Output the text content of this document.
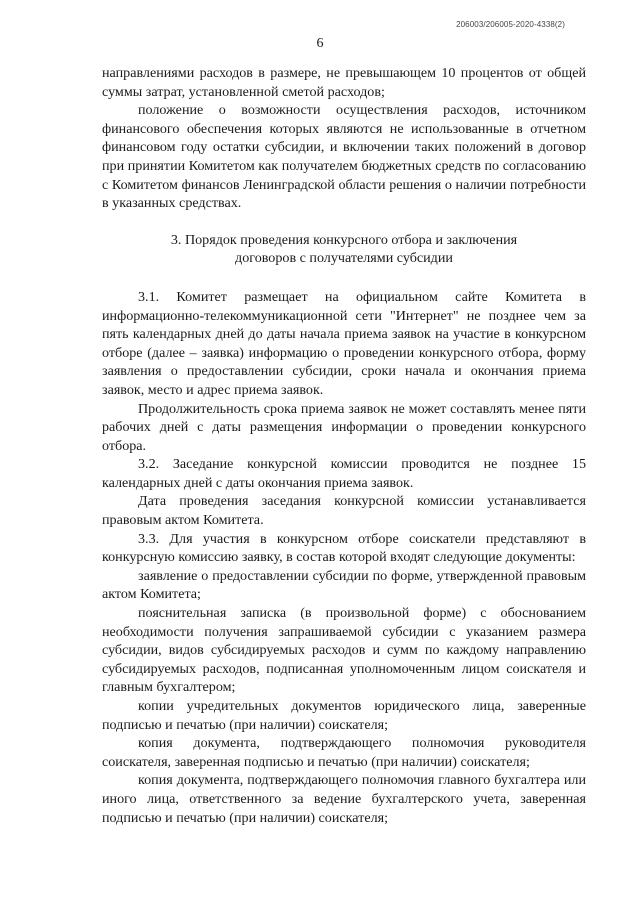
206003/206005-2020-4338(2)
6

направлениями расходов в размере, не превышающем 10 процентов от общей суммы затрат, установленной сметой расходов;

положение о возможности осуществления расходов, источником финансового обеспечения которых являются не использованные в отчетном финансовом году остатки субсидии, и включении таких положений в договор при принятии Комитетом как получателем бюджетных средств по согласованию с Комитетом финансов Ленинградской области решения о наличии потребности в указанных средствах.

3. Порядок проведения конкурсного отбора и заключения
договоров с получателями субсидии

3.1. Комитет размещает на официальном сайте Комитета в информационно-телекоммуникационной сети "Интернет" не позднее чем за пять календарных дней до даты начала приема заявок на участие в конкурсном отборе (далее – заявка) информацию о проведении конкурсного отбора, форму заявления о предоставлении субсидии, сроки начала и окончания приема заявок, место и адрес приема заявок.

Продолжительность срока приема заявок не может составлять менее пяти рабочих дней с даты размещения информации о проведении конкурсного отбора.

3.2. Заседание конкурсной комиссии проводится не позднее 15 календарных дней с даты окончания приема заявок.

Дата проведения заседания конкурсной комиссии устанавливается правовым актом Комитета.

3.3. Для участия в конкурсном отборе соискатели представляют в конкурсную комиссию заявку, в состав которой входят следующие документы:

заявление о предоставлении субсидии по форме, утвержденной правовым актом Комитета;

пояснительная записка (в произвольной форме) с обоснованием необходимости получения запрашиваемой субсидии с указанием размера субсидии, видов субсидируемых расходов и сумм по каждому направлению субсидируемых расходов, подписанная уполномоченным лицом соискателя и главным бухгалтером;

копии учредительных документов юридического лица, заверенные подписью и печатью (при наличии) соискателя;

копия документа, подтверждающего полномочия руководителя соискателя, заверенная подписью и печатью (при наличии) соискателя;

копия документа, подтверждающего полномочия главного бухгалтера или иного лица, ответственного за ведение бухгалтерского учета, заверенная подписью и печатью (при наличии) соискателя;
